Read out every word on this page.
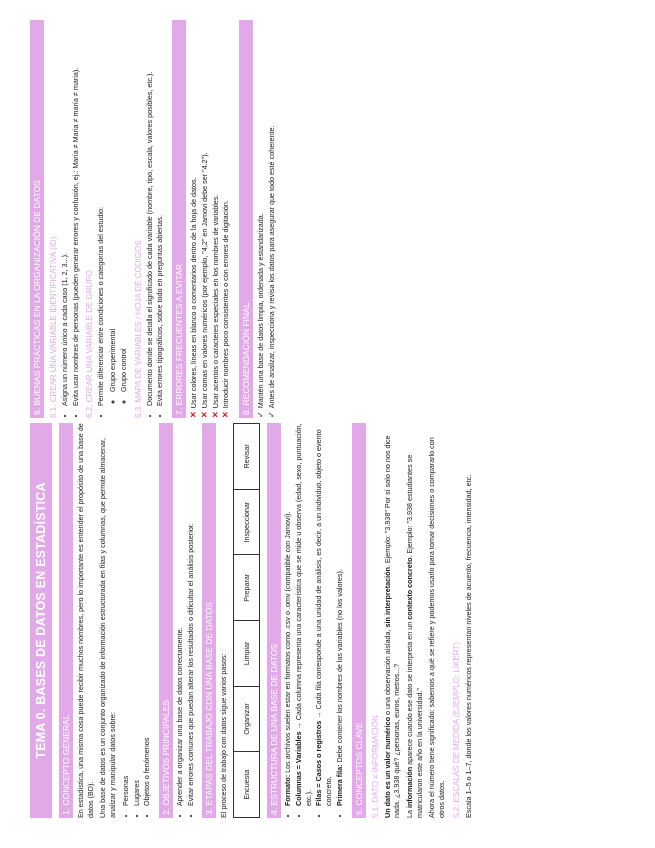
TEMA 0. BASES DE DATOS EN ESTADÍSTICA
1. CONCEPTO GENERAL En estadística, una misma cosa puede recibir muchos nombres, pero lo importante es entender el propósito de una base de datos (BD). Una base de datos es un conjunto organizado de información estructurada en filas y columnas, que permite almacenar, analizar y manipular datos sobre: • Personas • Lugares • Objetos o fenómenos 2. OBJETIVOS PRINCIPALES • Aprender a organizar una base de datos correctamente. • Evitar errores comunes que puedan alterar los resultados o dificultar el análisis posterior. 3. ETAPAS DEL TRABAJO CON UNA BASE DE DATOS El proceso de trabajo con datos sigue varios pasos: Encuesta	Organizar	Limpiar	Preparar	Inspeccionar	Revisar
4. ESTRUCTURA DE UNA BASE DE DATOS • Formato: Los archivos suelen estar en formatos como .csv o .omv (compatible con Jamovi). • Columnas = Variables → Cada columna representa una característica que se mide u observa (edad, sexo, puntuación, etc.). • Filas = Casos o registros → Cada fila corresponde a una unidad de análisis, es decir, a un individuo, objeto o evento concreto. • Primera fila: Debe contener los nombres de las variables (no los valores).
5. CONCEPTOS CLAVE 5.1. DATO ≠ INFORMACIÓN Un dato es un valor numérico o una observación aislada, sin interpretación. Ejemplo: "3.938" Por sí solo no nos dice nada. ¿3.938 qué? ¿personas, euros, metros...? La información aparece cuando ese dato se interpreta en un contexto concreto. Ejemplo: "3.938 estudiantes se matricularon este año en la universidad." Ahora el número tiene significado: sabemos a qué se refiere y podemos usarlo para tomar decisiones o compararlo con otros datos. 5.2. ESCALAS DE MEDIDA (EJEMPLO: LIKERT) Escala 1–5 o 1–7, donde los valores numéricos representan niveles de acuerdo, frecuencia, intensidad, etc.

6. BUENAS PRÁCTICAS EN LA ORGANIZACIÓN DE DATOS 6.1. CREAR UNA VARIABLE IDENTIFICATIVA (ID) • Asigna un número único a cada caso (1, 2, 3...). • Evita usar nombres de personas (pueden generar errores y confusión, ej.: María ≠ Maria ≠ maría ≠ maria). 6.2. CREAR UNA VARIABLE DE GRUPO • Permite diferenciar entre condiciones o categorías del estudio: ◦ Grupo experimental ◦ Grupo control 6.3. MAPA DE VARIABLES / HOJA DE CÓDIGOS • Documento donde se detalla el significado de cada variable (nombre, tipo, escala, valores posibles, etc.). • Evita errores tipográficos, sobre todo en preguntas abiertas. 7. ERRORES FRECUENTES A EVITAR ✕
Usar colores, líneas en blanco o comentarios dentro de la hoja de datos.
✕
Usar comas en valores numéricos (por ejemplo, "4,2" en Jamovi debe ser "4.2").
✕
Usar acentos o caracteres especiales en los nombres de variables.
✕
Introducir nombres poco consistentes o con errores de digitación. 8. RECOMENDACIÓN FINAL ✓
Mantén una base de datos limpia, ordenada y estandarizada.
✓
Antes de analizar, inspecciona y revisa los datos para asegurar que todo esté coherente.
